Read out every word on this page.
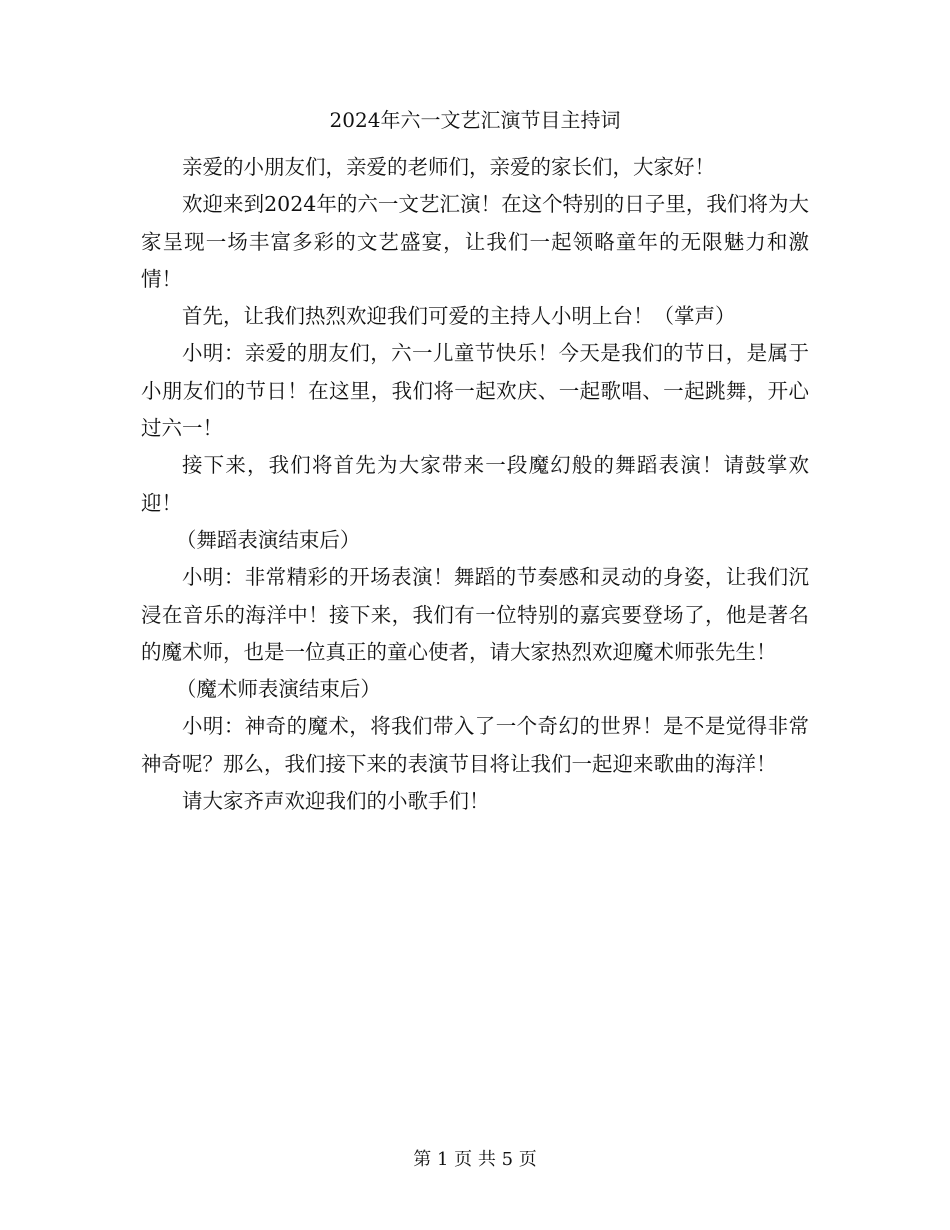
2024年六一文艺汇演节目主持词

亲爱的小朋友们，亲爱的老师们，亲爱的家长们，大家好！

欢迎来到2024年的六一文艺汇演！在这个特别的日子里，我们将为大家呈现一场丰富多彩的文艺盛宴，让我们一起领略童年的无限魅力和激情！

首先，让我们热烈欢迎我们可爱的主持人小明上台！（掌声）

小明：亲爱的朋友们，六一儿童节快乐！今天是我们的节日，是属于小朋友们的节日！在这里，我们将一起欢庆、一起歌唱、一起跳舞，开心过六一！

接下来，我们将首先为大家带来一段魔幻般的舞蹈表演！请鼓掌欢迎！

（舞蹈表演结束后）

小明：非常精彩的开场表演！舞蹈的节奏感和灵动的身姿，让我们沉浸在音乐的海洋中！接下来，我们有一位特别的嘉宾要登场了，他是著名的魔术师，也是一位真正的童心使者，请大家热烈欢迎魔术师张先生！

（魔术师表演结束后）

小明：神奇的魔术，将我们带入了一个奇幻的世界！是不是觉得非常神奇呢？那么，我们接下来的表演节目将让我们一起迎来歌曲的海洋！

请大家齐声欢迎我们的小歌手们！

第 1 页 共 5 页
